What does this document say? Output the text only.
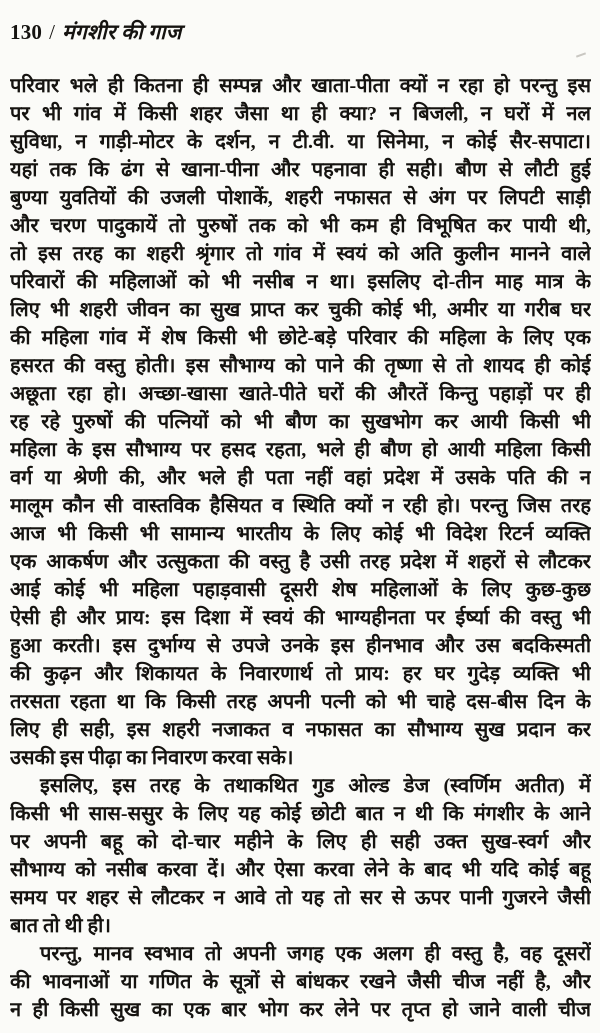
130 / मंगशीर की गाज
परिवार भले ही कितना ही सम्पन्न और खाता-पीता क्यों न रहा हो परन्तु इस
पर भी गांव में किसी शहर जैसा था ही क्या? न बिजली, न घरों में नल
सुविधा, न गाड़ी-मोटर के दर्शन, न टी.वी. या सिनेमा, न कोई सैर-सपाटा।
यहां तक कि ढंग से खाना-पीना और पहनावा ही सही। बौण से लौटी हुई
बुण्या युवतियों की उजली पोशाकें, शहरी नफासत से अंग पर लिपटी साड़ी
और चरण पादुकायें तो पुरुषों तक को भी कम ही विभूषित कर पायी थी,
तो इस तरह का शहरी श्रृंगार तो गांव में स्वयं को अति कुलीन मानने वाले
परिवारों की महिलाओं को भी नसीब न था। इसलिए दो-तीन माह मात्र के
लिए भी शहरी जीवन का सुख प्राप्त कर चुकी कोई भी, अमीर या गरीब घर
की महिला गांव में शेष किसी भी छोटे-बड़े परिवार की महिला के लिए एक
हसरत की वस्तु होती। इस सौभाग्य को पाने की तृष्णा से तो शायद ही कोई
अछूता रहा हो। अच्छा-खासा खाते-पीते घरों की औरतें किन्तु पहाड़ों पर ही
रह रहे पुरुषों की पत्नियों को भी बौण का सुखभोग कर आयी किसी भी
महिला के इस सौभाग्य पर हसद रहता, भले ही बौण हो आयी महिला किसी
वर्ग या श्रेणी की, और भले ही पता नहीं वहां प्रदेश में उसके पति की न
मालूम कौन सी वास्तविक हैसियत व स्थिति क्यों न रही हो। परन्तु जिस तरह
आज भी किसी भी सामान्य भारतीय के लिए कोई भी विदेश रिटर्न व्यक्ति
एक आकर्षण और उत्सुकता की वस्तु है उसी तरह प्रदेश में शहरों से लौटकर
आई कोई भी महिला पहाड़वासी दूसरी शेष महिलाओं के लिए कुछ-कुछ
ऐसी ही और प्राय: इस दिशा में स्वयं की भाग्यहीनता पर ईर्ष्या की वस्तु भी
हुआ करती। इस दुर्भाग्य से उपजे उनके इस हीनभाव और उस बदकिस्मती
की कुढ़न और शिकायत के निवारणार्थ तो प्राय: हर घर गुदेड़ व्यक्ति भी
तरसता रहता था कि किसी तरह अपनी पत्नी को भी चाहे दस-बीस दिन के
लिए ही सही, इस शहरी नजाकत व नफासत का सौभाग्य सुख प्रदान कर
उसकी इस पीढ़ा का निवारण करवा सके।
इसलिए, इस तरह के तथाकथित गुड ओल्ड डेज (स्वर्णिम अतीत) में
किसी भी सास-ससुर के लिए यह कोई छोटी बात न थी कि मंगशीर के आने
पर अपनी बहू को दो-चार महीने के लिए ही सही उक्त सुख-स्वर्ग और
सौभाग्य को नसीब करवा दें। और ऐसा करवा लेने के बाद भी यदि कोई बहू
समय पर शहर से लौटकर न आवे तो यह तो सर से ऊपर पानी गुजरने जैसी
बात तो थी ही।
परन्तु, मानव स्वभाव तो अपनी जगह एक अलग ही वस्तु है, वह दूसरों
की भावनाओं या गणित के सूत्रों से बांधकर रखने जैसी चीज नहीं है, और
न ही किसी सुख का एक बार भोग कर लेने पर तृप्त हो जाने वाली चीज
